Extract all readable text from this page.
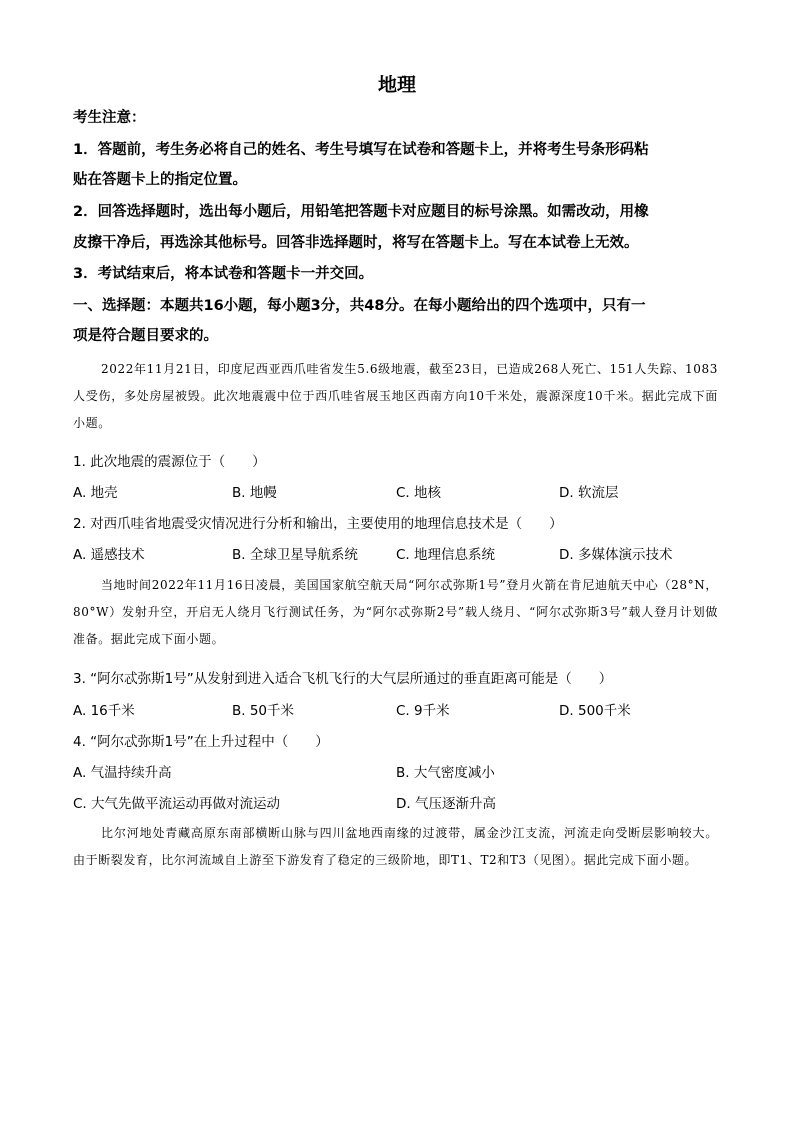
地理
考生注意：
1．答题前，考生务必将自己的姓名、考生号填写在试卷和答题卡上，并将考生号条形码粘
贴在答题卡上的指定位置。
2．回答选择题时，选出每小题后，用铅笔把答题卡对应题目的标号涂黑。如需改动，用橡
皮擦干净后，再选涂其他标号。回答非选择题时，将写在答题卡上。写在本试卷上无效。
3．考试结束后，将本试卷和答题卡一并交回。
一、选择题：本题共16小题，每小题3分，共48分。在每小题给出的四个选项中，只有一
项是符合题目要求的。
2022年11月21日，印度尼西亚西爪哇省发生5.6级地震，截至23日，已造成268人死亡、151人失踪、1083人受伤，多处房屋被毁。此次地震震中位于西爪哇省展玉地区西南方向10千米处，震源深度10千米。据此完成下面小题。
1. 此次地震的震源位于（　　）
A. 地壳	B. 地幔	C. 地核	D. 软流层
2. 对西爪哇省地震受灾情况进行分析和输出，主要使用的地理信息技术是（　　）
A. 遥感技术	B. 全球卫星导航系统	C. 地理信息系统	D. 多媒体演示技术
当地时间2022年11月16日凌晨，美国国家航空航天局“阿尔忒弥斯1号”登月火箭在肯尼迪航天中心（28°N，80°W）发射升空，开启无人绕月飞行测试任务，为“阿尔忒弥斯2号”载人绕月、“阿尔忒弥斯3号”载人登月计划做准备。据此完成下面小题。
3. “阿尔忒弥斯1号”从发射到进入适合飞机飞行的大气层所通过的垂直距离可能是（　　）
A. 16千米	B. 50千米	C. 9千米	D. 500千米
4. “阿尔忒弥斯1号”在上升过程中（　　）
A. 气温持续升高	B. 大气密度减小
C. 大气先做平流运动再做对流运动	D. 气压逐渐升高
比尔河地处青藏高原东南部横断山脉与四川盆地西南缘的过渡带，属金沙江支流，河流走向受断层影响较大。由于断裂发育，比尔河流域自上游至下游发育了稳定的三级阶地，即T1、T2和T3（见图）。据此完成下面小题。
